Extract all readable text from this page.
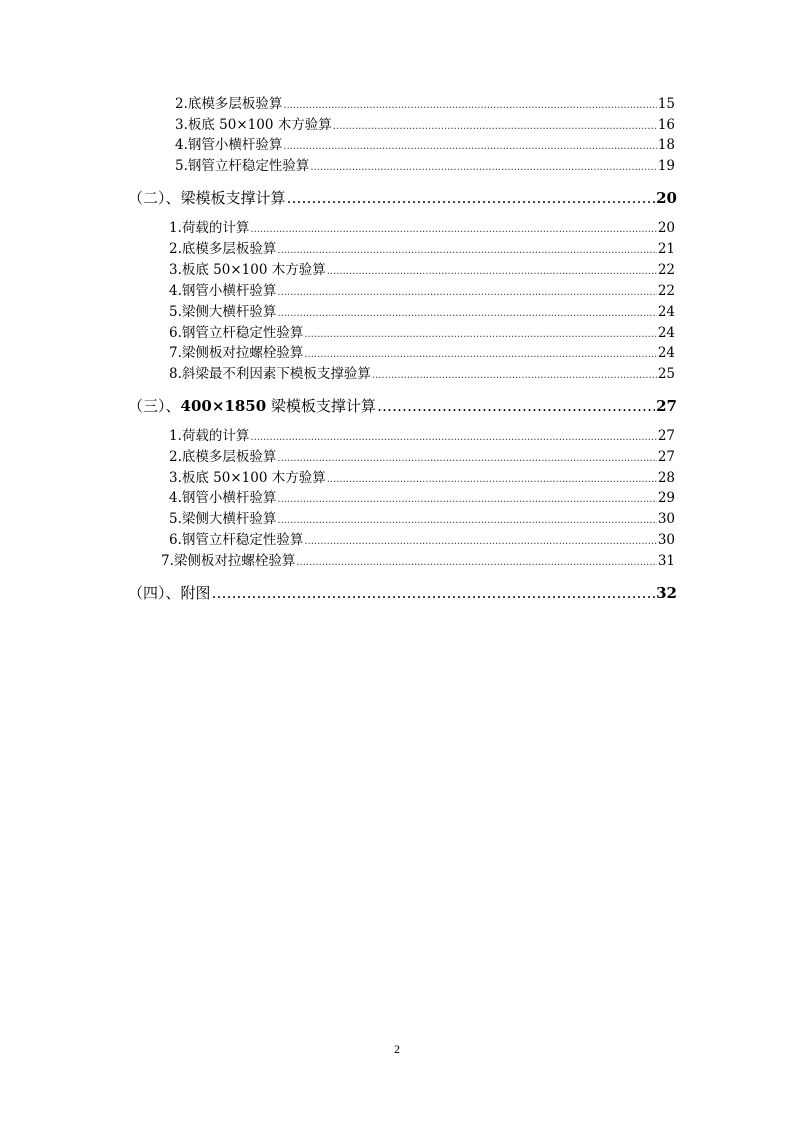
2.底模多层板验算 .....	15
3.板底 50×100 木方验算 .....	16
4.钢管小横杆验算 .....	18
5.钢管立杆稳定性验算 .....	19
（二）、梁模板支撑计算 ……………………………………………………………………………………………………………………………………………	20
1.荷载的计算 .....	20
2.底模多层板验算 .....	21
3.板底 50×100 木方验算 .....	22
4.钢管小横杆验算 .....	22
5.梁侧大横杆验算 .....	24
6.钢管立杆稳定性验算 .....	24
7.梁侧板对拉螺栓验算 .....	24
8.斜梁最不利因素下模板支撑验算 .....	25
（三）、400×1850 梁模板支撑计算 ……………………………………………………………………………………………………………………………………………	27
1.荷载的计算 .....	27
2.底模多层板验算 .....	27
3.板底 50×100 木方验算 .....	28
4.钢管小横杆验算 .....	29
5.梁侧大横杆验算 .....	30
6.钢管立杆稳定性验算 .....	30
7.梁侧板对拉螺栓验算 .....	31
（四）、附图 ……………………………………………………………………………………………………………………………………………	32
2
